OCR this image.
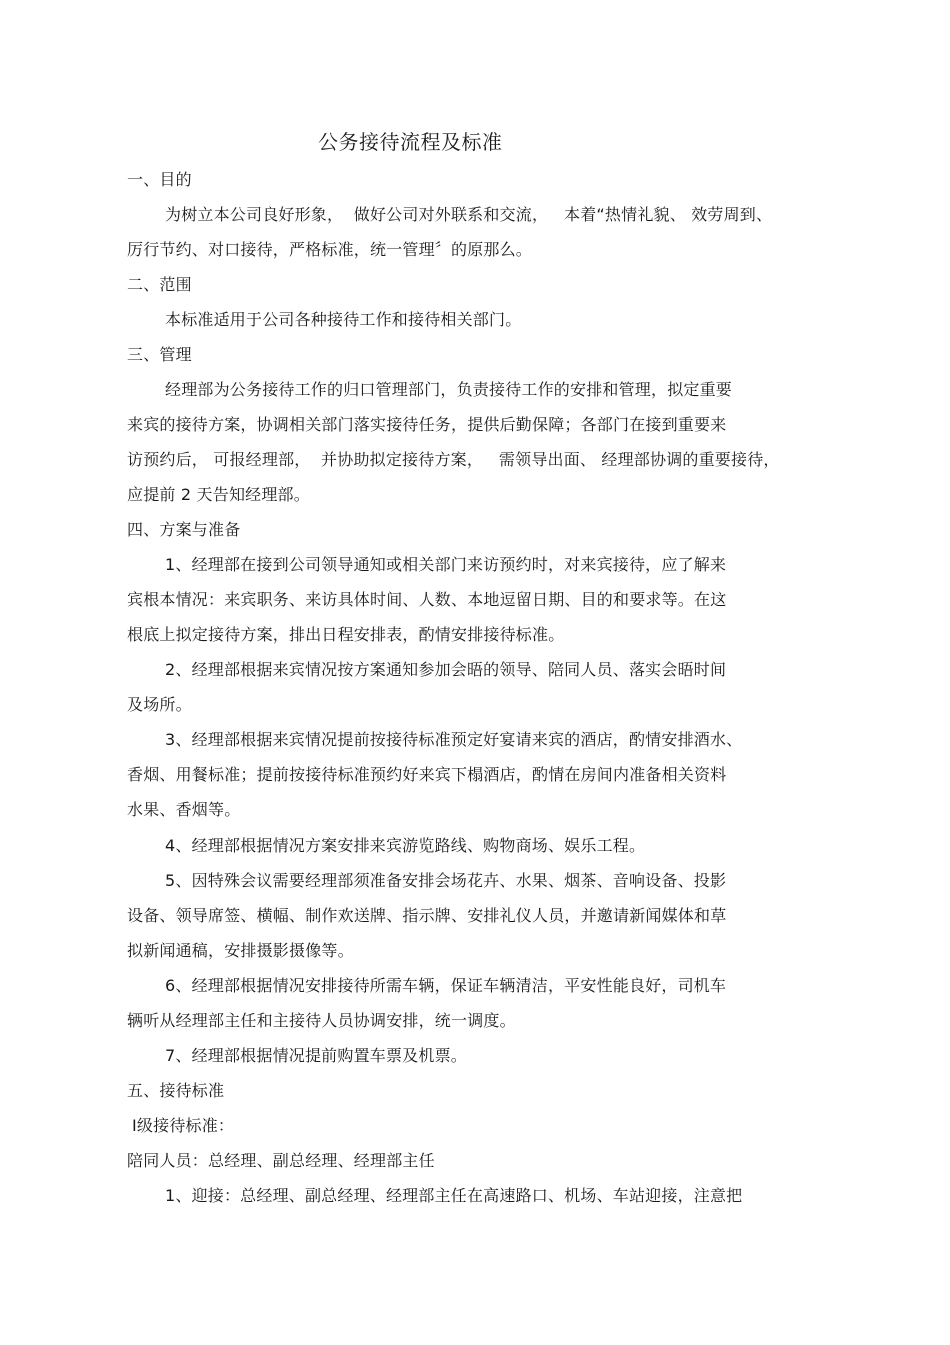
公务接待流程及标准
一、目的
为树立本公司良好形象，  做好公司对外联系和交流，   本着“热情礼貌、 效劳周到、
厉行节约、对口接待，严格标准，统一管理〞的原那么。
二、范围
本标准适用于公司各种接待工作和接待相关部门。
三、管理
经理部为公务接待工作的归口管理部门，负责接待工作的安排和管理，拟定重要
来宾的接待方案，协调相关部门落实接待任务，提供后勤保障；各部门在接到重要来
访预约后， 可报经理部，  并协助拟定接待方案，   需领导出面、 经理部协调的重要接待，
应提前 2 天告知经理部。
四、方案与准备
1、经理部在接到公司领导通知或相关部门来访预约时，对来宾接待，应了解来
宾根本情况：来宾职务、来访具体时间、人数、本地逗留日期、目的和要求等。在这
根底上拟定接待方案，排出日程安排表，酌情安排接待标准。
2、经理部根据来宾情况按方案通知参加会晤的领导、陪同人员、落实会晤时间
及场所。
3、经理部根据来宾情况提前按接待标准预定好宴请来宾的酒店，酌情安排酒水、
香烟、用餐标准；提前按接待标准预约好来宾下榻酒店，酌情在房间内准备相关资料
水果、香烟等。
4、经理部根据情况方案安排来宾游览路线、购物商场、娱乐工程。
5、因特殊会议需要经理部须准备安排会场花卉、水果、烟茶、音响设备、投影
设备、领导席签、横幅、制作欢送牌、指示牌、安排礼仪人员，并邀请新闻媒体和草
拟新闻通稿，安排摄影摄像等。
6、经理部根据情况安排接待所需车辆，保证车辆清洁，平安性能良好，司机车
辆听从经理部主任和主接待人员协调安排，统一调度。
7、经理部根据情况提前购置车票及机票。
五、接待标准
Ⅰ级接待标准：
陪同人员：总经理、副总经理、经理部主任
1、迎接：总经理、副总经理、经理部主任在高速路口、机场、车站迎接，注意把
